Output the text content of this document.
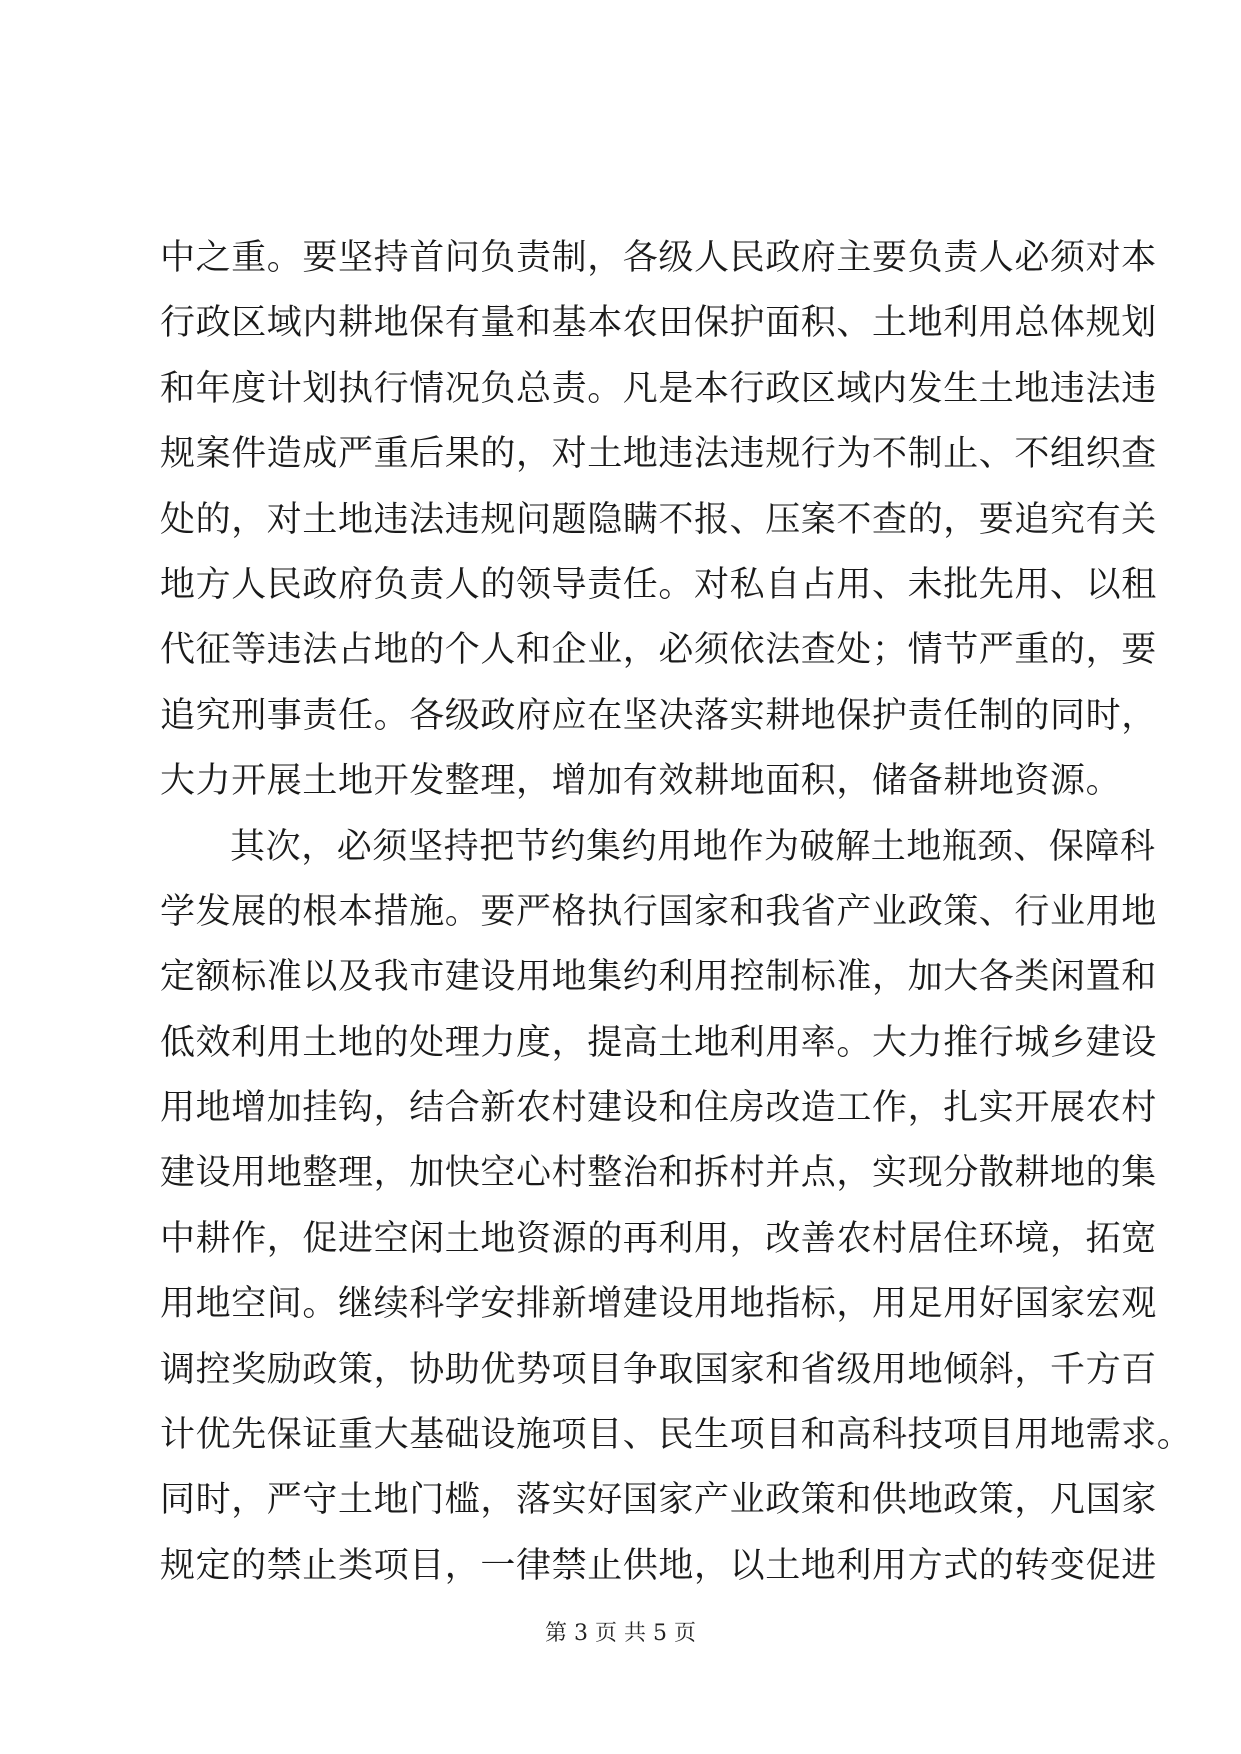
中之重。要坚持首问负责制，各级人民政府主要负责人必须对本
行政区域内耕地保有量和基本农田保护面积、土地利用总体规划
和年度计划执行情况负总责。凡是本行政区域内发生土地违法违
规案件造成严重后果的，对土地违法违规行为不制止、不组织查
处的，对土地违法违规问题隐瞒不报、压案不查的，要追究有关
地方人民政府负责人的领导责任。对私自占用、未批先用、以租
代征等违法占地的个人和企业，必须依法查处；情节严重的，要
追究刑事责任。各级政府应在坚决落实耕地保护责任制的同时，
大力开展土地开发整理，增加有效耕地面积，储备耕地资源。
其次，必须坚持把节约集约用地作为破解土地瓶颈、保障科
学发展的根本措施。要严格执行国家和我省产业政策、行业用地
定额标准以及我市建设用地集约利用控制标准，加大各类闲置和
低效利用土地的处理力度，提高土地利用率。大力推行城乡建设
用地增加挂钩，结合新农村建设和住房改造工作，扎实开展农村
建设用地整理，加快空心村整治和拆村并点，实现分散耕地的集
中耕作，促进空闲土地资源的再利用，改善农村居住环境，拓宽
用地空间。继续科学安排新增建设用地指标，用足用好国家宏观
调控奖励政策，协助优势项目争取国家和省级用地倾斜，千方百
计优先保证重大基础设施项目、民生项目和高科技项目用地需求。
同时，严守土地门槛，落实好国家产业政策和供地政策，凡国家
规定的禁止类项目，一律禁止供地，以土地利用方式的转变促进
第 3 页 共 5 页
